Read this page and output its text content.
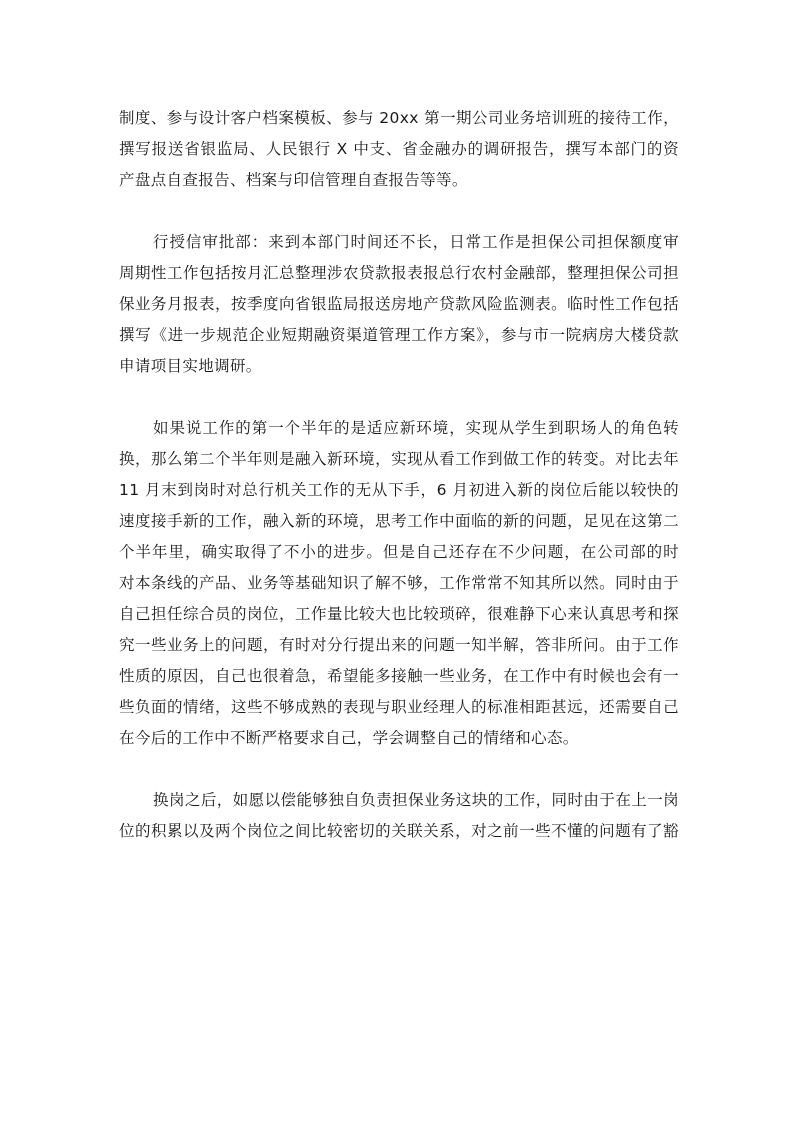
制度、参与设计客户档案模板、参与 20xx 第一期公司业务培训班的接待工作，
撰写报送省银监局、人民银行 X 中支、省金融办的调研报告，撰写本部门的资
产盘点自查报告、档案与印信管理自查报告等等。
行授信审批部：来到本部门时间还不长，日常工作是担保公司担保额度审
周期性工作包括按月汇总整理涉农贷款报表报总行农村金融部，整理担保公司担
保业务月报表，按季度向省银监局报送房地产贷款风险监测表。临时性工作包括
撰写《进一步规范企业短期融资渠道管理工作方案》，参与市一院病房大楼贷款
申请项目实地调研。
如果说工作的第一个半年的是适应新环境，实现从学生到职场人的角色转
换，那么第二个半年则是融入新环境，实现从看工作到做工作的转变。对比去年
11 月末到岗时对总行机关工作的无从下手，6 月初进入新的岗位后能以较快的
速度接手新的工作，融入新的环境，思考工作中面临的新的问题，足见在这第二
个半年里，确实取得了不小的进步。但是自己还存在不少问题，在公司部的时
对本条线的产品、业务等基础知识了解不够，工作常常不知其所以然。同时由于
自己担任综合员的岗位，工作量比较大也比较琐碎，很难静下心来认真思考和探
究一些业务上的问题，有时对分行提出来的问题一知半解，答非所问。由于工作
性质的原因，自己也很着急，希望能多接触一些业务，在工作中有时候也会有一
些负面的情绪，这些不够成熟的表现与职业经理人的标准相距甚远，还需要自己
在今后的工作中不断严格要求自己，学会调整自己的情绪和心态。
换岗之后，如愿以偿能够独自负责担保业务这块的工作，同时由于在上一岗
位的积累以及两个岗位之间比较密切的关联关系，对之前一些不懂的问题有了豁
